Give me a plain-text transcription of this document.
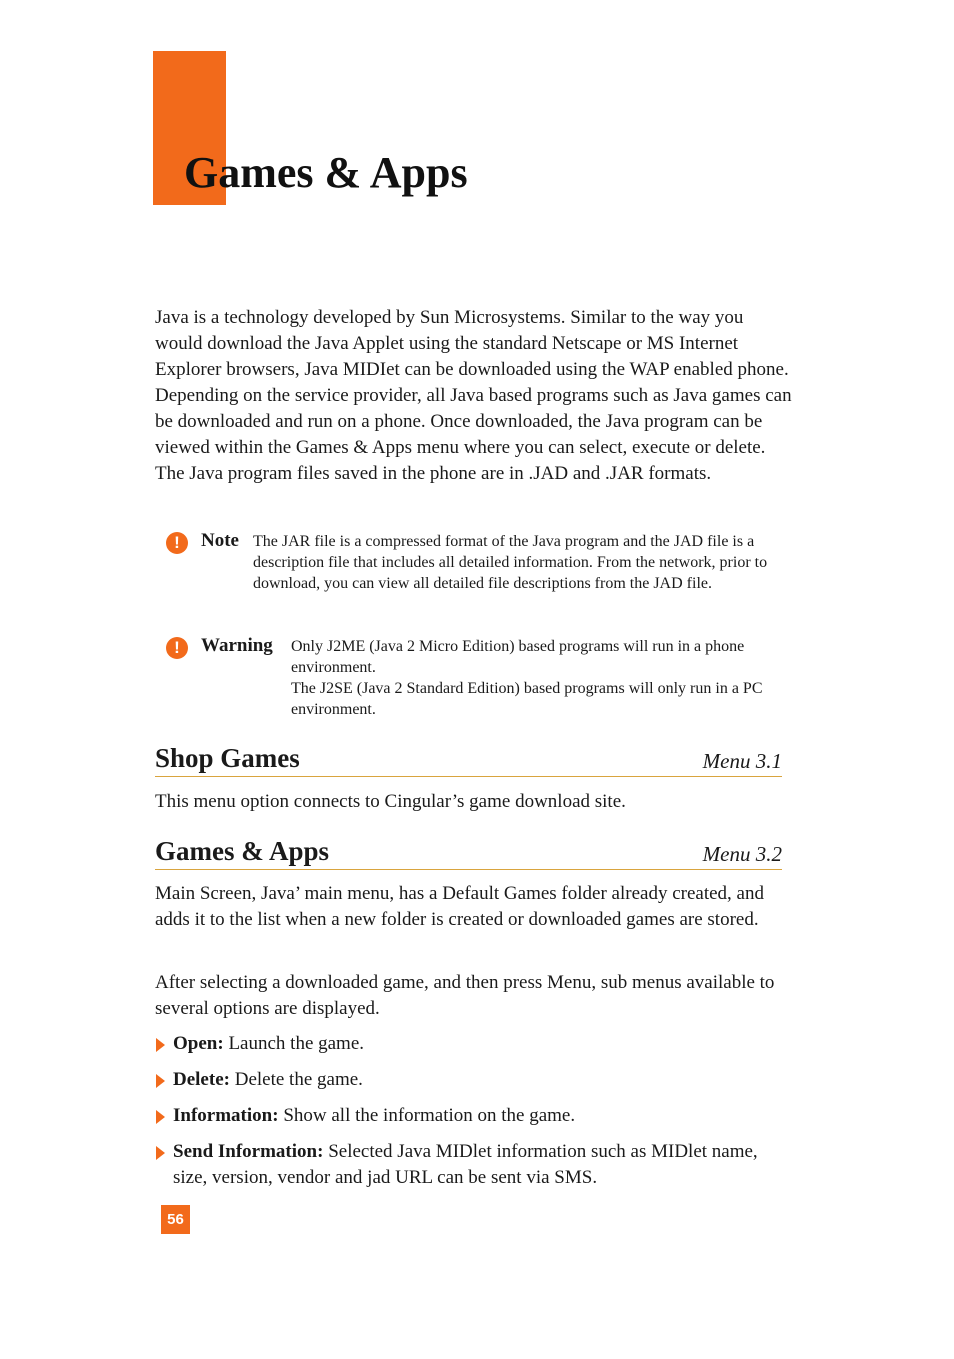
Games & Apps

Java is a technology developed by Sun Microsystems. Similar to the way you would download the Java Applet using the standard Netscape or MS Internet Explorer browsers, Java MIDIet can be downloaded using the WAP enabled phone. Depending on the service provider, all Java based programs such as Java games can be downloaded and run on a phone. Once downloaded, the Java program can be viewed within the Games & Apps menu where you can select, execute or delete. The Java program files saved in the phone are in .JAD and .JAR formats.

!	Note The JAR file is a compressed format of the Java program and the JAD file is a description file that includes all detailed information. From the network, prior to download, you can view all detailed file descriptions from the JAD file.
!	Warning Only J2ME (Java 2 Micro Edition) based programs will run in a phone environment.
The J2SE (Java 2 Standard Edition) based programs will only run in a PC environment.
Shop Games	Menu 3.1

This menu option connects to Cingular’s game download site.

Games & Apps	Menu 3.2

Main Screen, Java’ main menu, has a Default Games folder already created, and adds it to the list when a new folder is created or downloaded games are stored.

After selecting a downloaded game, and then press Menu, sub menus available to several options are displayed.

Open: Launch the game.
Delete: Delete the game.
Information: Show all the information on the game.
Send Information: Selected Java MIDlet information such as MIDlet name, size, version, vendor and jad URL can be sent via SMS.
56
